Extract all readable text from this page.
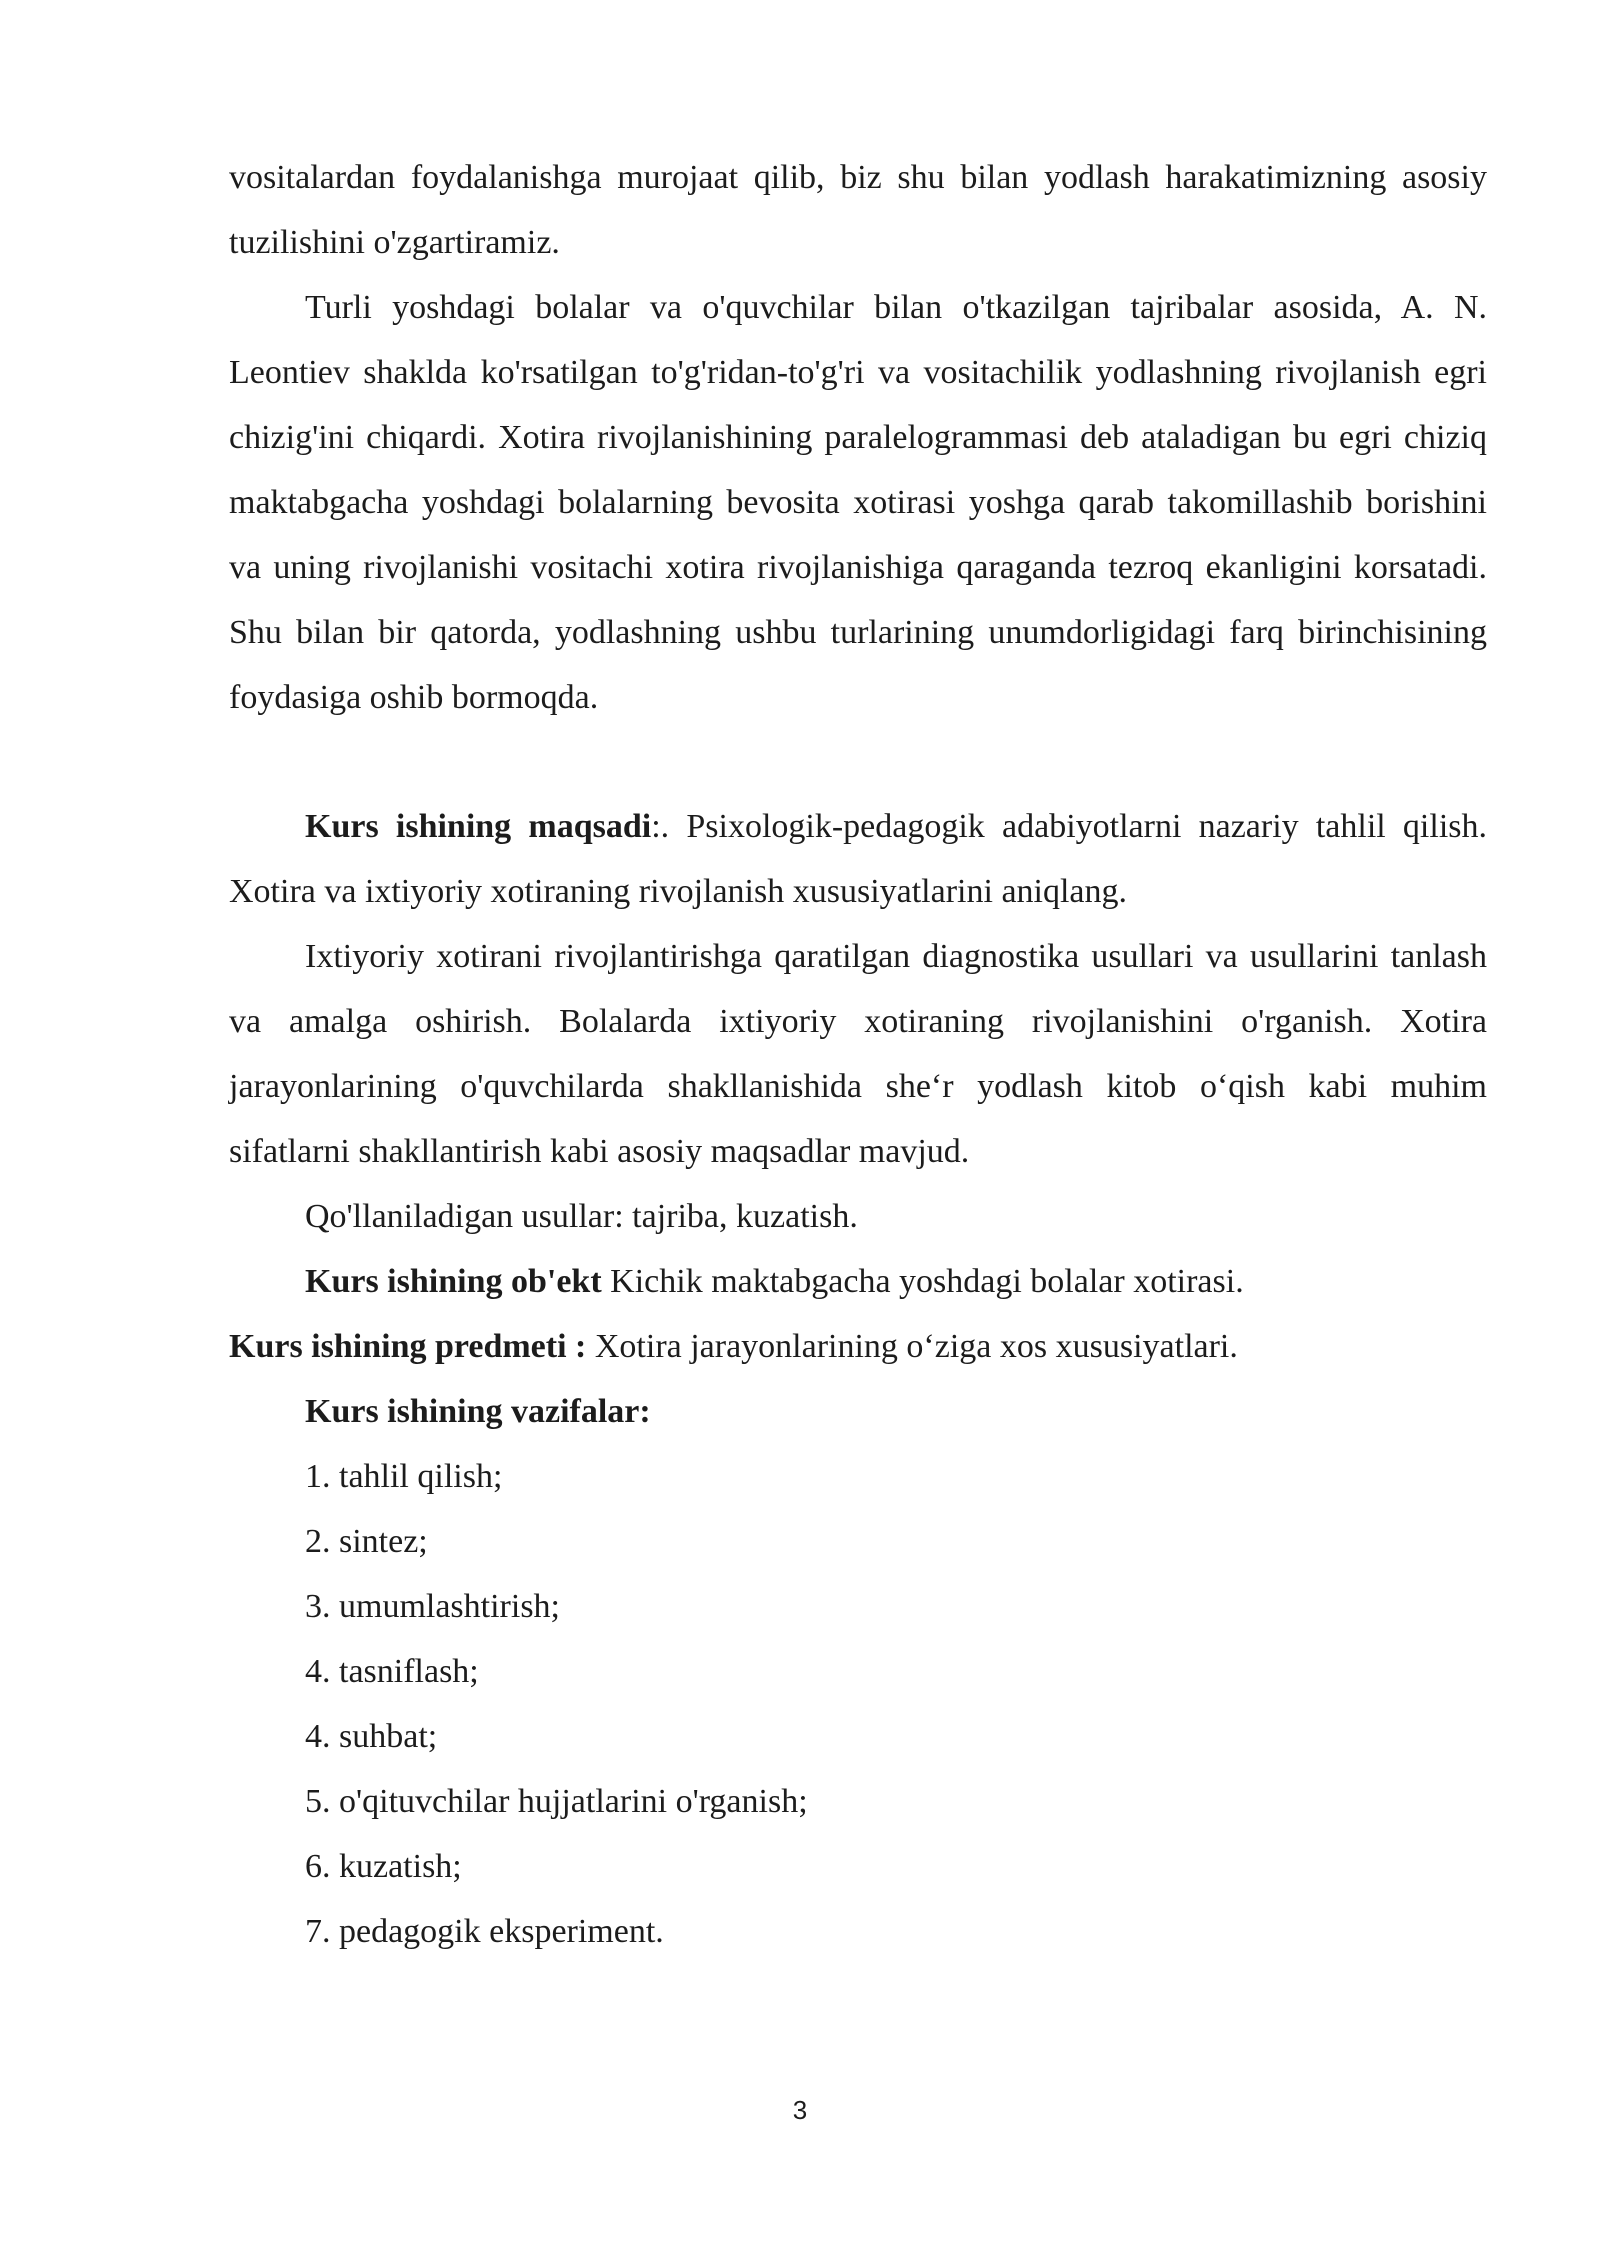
vositalardan foydalanishga murojaat qilib, biz shu bilan yodlash harakatimizning asosiy tuzilishini o'zgartiramiz.

Turli yoshdagi bolalar va o'quvchilar bilan o'tkazilgan tajribalar asosida, A. N. Leontiev shaklda ko'rsatilgan to'g'ridan-to'g'ri va vositachilik yodlashning rivojlanish egri chizig'ini chiqardi. Xotira rivojlanishining paralelogrammasi deb ataladigan bu egri chiziq maktabgacha yoshdagi bolalarning bevosita xotirasi yoshga qarab takomillashib borishini va uning rivojlanishi vositachi xotira rivojlanishiga qaraganda tezroq ekanligini korsatadi. Shu bilan bir qatorda, yodlashning ushbu turlarining unumdorligidagi farq birinchisining foydasiga oshib bormoqda.

Kurs ishining maqsadi:. Psixologik-pedagogik adabiyotlarni nazariy tahlil qilish. Xotira va ixtiyoriy xotiraning rivojlanish xususiyatlarini aniqlang.

Ixtiyoriy xotirani rivojlantirishga qaratilgan diagnostika usullari va usullarini tanlash va amalga oshirish. Bolalarda ixtiyoriy xotiraning rivojlanishini o'rganish. Xotira jarayonlarining o'quvchilarda shakllanishida she‘r yodlash kitob o‘qish kabi muhim sifatlarni shakllantirish kabi asosiy maqsadlar mavjud.

Qo'llaniladigan usullar: tajriba, kuzatish.

Kurs ishining ob'ekt Kichik maktabgacha yoshdagi bolalar xotirasi.

Kurs ishining predmeti : Xotira jarayonlarining o‘ziga xos xususiyatlari.

Kurs ishining vazifalar:

1. tahlil qilish;

2. sintez;

3. umumlashtirish;

4. tasniflash;

4. suhbat;

5. o'qituvchilar hujjatlarini o'rganish;

6. kuzatish;

7. pedagogik eksperiment.

3
